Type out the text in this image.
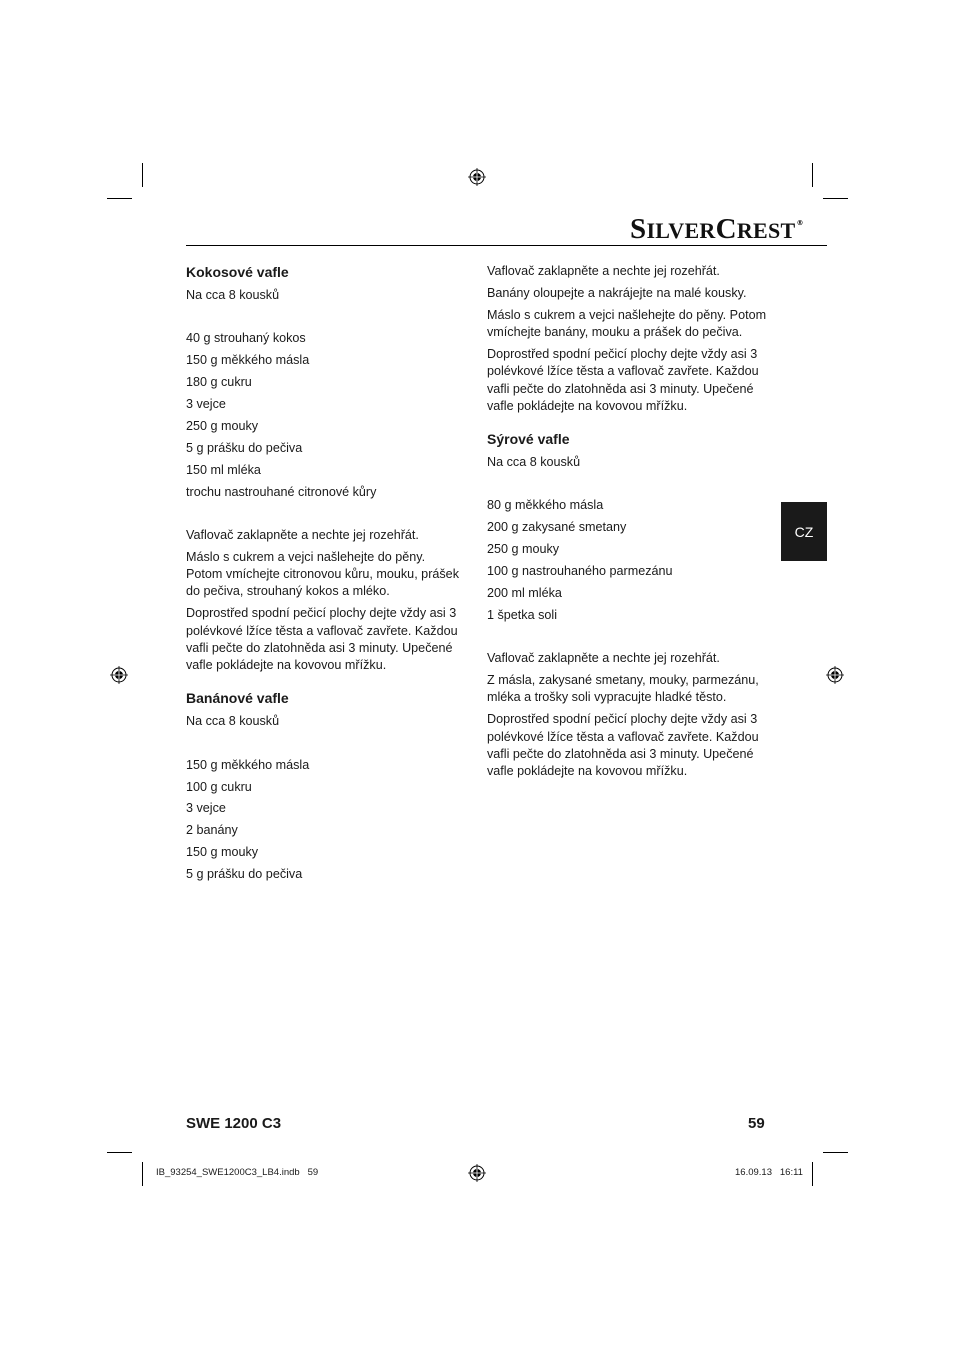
SILVERCREST®
CZ
Kokosové vafle

Na cca 8 kousků

40 g strouhaný kokos

150 g měkkého másla

180 g cukru

3 vejce

250 g mouky

5 g prášku do pečiva

150 ml mléka

trochu nastrouhané citronové kůry

Vaflovač zaklapněte a nechte jej rozehřát.

Máslo s cukrem a vejci našlehejte do pěny. Potom vmíchejte citronovou kůru, mouku, prášek do pečiva, strouhaný kokos a mléko.

Doprostřed spodní pečicí plochy dejte vždy asi 3 polévkové lžíce těsta a vaflovač zavřete. Každou vafli pečte do zlatohněda asi 3 minuty. Upečené vafle pokládejte na kovovou mřížku.

Banánové vafle

Na cca 8 kousků

150 g měkkého másla

100 g cukru

3 vejce

2 banány

150 g mouky

5 g prášku do pečiva

Vaflovač zaklapněte a nechte jej rozehřát.

Banány oloupejte a nakrájejte na malé kousky.

Máslo s cukrem a vejci našlehejte do pěny. Potom vmíchejte banány, mouku a prášek do pečiva.

Doprostřed spodní pečicí plochy dejte vždy asi 3 polévkové lžíce těsta a vaflovač zavřete. Každou vafli pečte do zlatohněda asi 3 minuty. Upečené vafle pokládejte na kovovou mřížku.

Sýrové vafle

Na cca 8 kousků

80 g měkkého másla

200 g zakysané smetany

250 g mouky

100 g nastrouhaného parmezánu

200 ml mléka

1 špetka soli

Vaflovač zaklapněte a nechte jej rozehřát.

Z másla, zakysané smetany, mouky, parmezánu, mléka a trošky soli vypracujte hladké těsto.

Doprostřed spodní pečicí plochy dejte vždy asi 3 polévkové lžíce těsta a vaflovač zavřete. Každou vafli pečte do zlatohněda asi 3 minuty. Upečené vafle pokládejte na kovovou mřížku.

SWE 1200 C3	59
IB_93254_SWE1200C3_LB4.indb   59	16.09.13   16:11
